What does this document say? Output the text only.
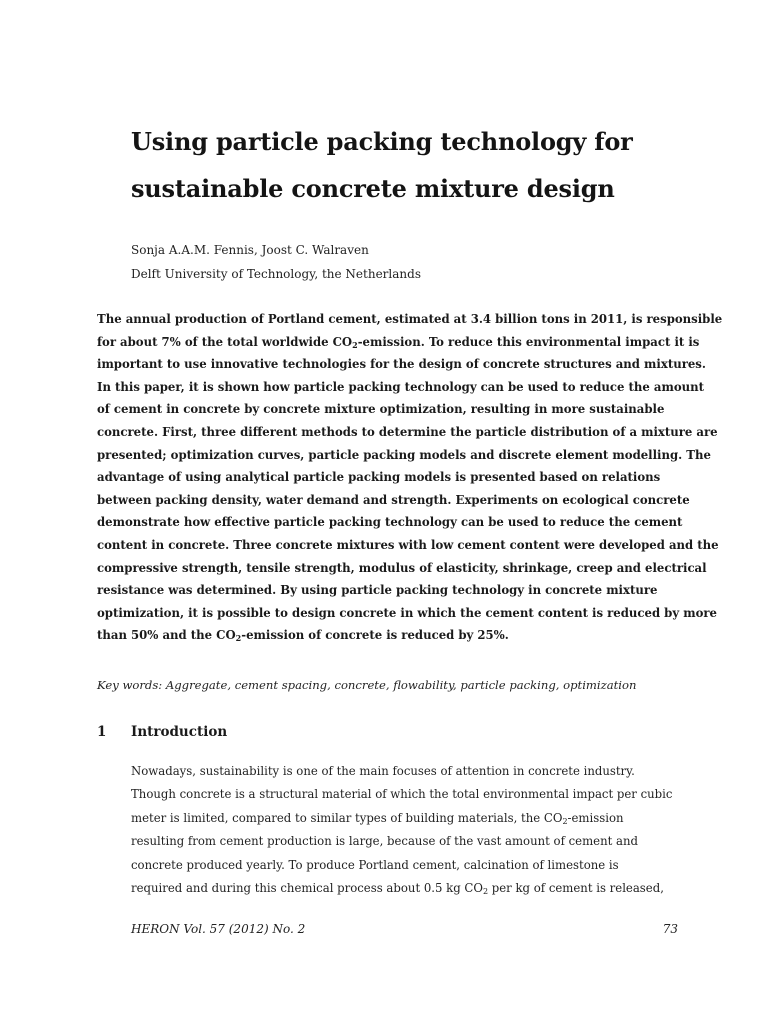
Using particle packing technology for
sustainable concrete mixture design
Sonja A.A.M. Fennis, Joost C. Walraven
Delft University of Technology, the Netherlands
The annual production of Portland cement, estimated at 3.4 billion tons in 2011, is responsible
for about 7% of the total worldwide $CO_2$-emission. To reduce this environmental impact it is
important to use innovative technologies for the design of concrete structures and mixtures.
In this paper, it is shown how particle packing technology can be used to reduce the amount
of cement in concrete by concrete mixture optimization, resulting in more sustainable
concrete. First, three different methods to determine the particle distribution of a mixture are
presented; optimization curves, particle packing models and discrete element modelling. The
advantage of using analytical particle packing models is presented based on relations
between packing density, water demand and strength. Experiments on ecological concrete
demonstrate how effective particle packing technology can be used to reduce the cement
content in concrete. Three concrete mixtures with low cement content were developed and the
compressive strength, tensile strength, modulus of elasticity, shrinkage, creep and electrical
resistance was determined. By using particle packing technology in concrete mixture
optimization, it is possible to design concrete in which the cement content is reduced by more
than 50% and the $CO_2$-emission of concrete is reduced by 25%.
Key words: Aggregate, cement spacing, concrete, flowability, particle packing, optimization
1 Introduction
Nowadays, sustainability is one of the main focuses of attention in concrete industry.
Though concrete is a structural material of which the total environmental impact per cubic
meter is limited, compared to similar types of building materials, the $CO_2$-emission
resulting from cement production is large, because of the vast amount of cement and
concrete produced yearly. To produce Portland cement, calcination of limestone is
required and during this chemical process about 0.5 kg $CO_2$ per kg of cement is released,
HERON Vol. 57 (2012) No. 2	73
